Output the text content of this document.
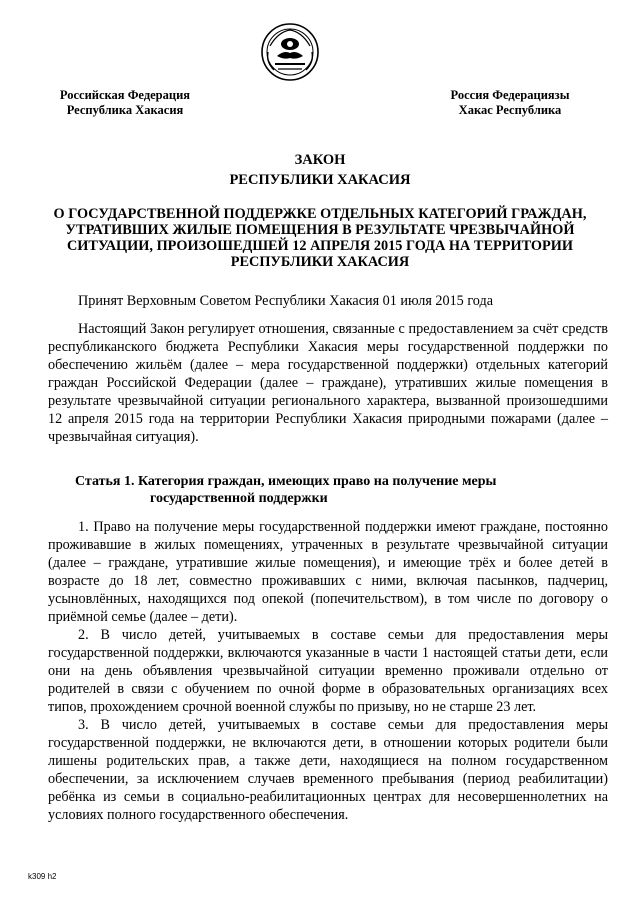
Российская Федерация
Республика Хакасия
Россия Федерациязы
Хакас Республика
ЗАКОН
РЕСПУБЛИКИ ХАКАСИЯ
О ГОСУДАРСТВЕННОЙ ПОДДЕРЖКЕ ОТДЕЛЬНЫХ КАТЕГОРИЙ ГРАЖДАН, УТРАТИВШИХ ЖИЛЫЕ ПОМЕЩЕНИЯ В РЕЗУЛЬТАТЕ ЧРЕЗВЫЧАЙНОЙ СИТУАЦИИ, ПРОИЗОШЕДШЕЙ 12 АПРЕЛЯ 2015 ГОДА НА ТЕРРИТОРИИ РЕСПУБЛИКИ ХАКАСИЯ
Принят Верховным Советом Республики Хакасия 01 июля 2015 года
Настоящий Закон регулирует отношения, связанные с предоставлением за счёт средств республиканского бюджета Республики Хакасия меры государственной поддержки по обеспечению жильём (далее – мера государственной поддержки) отдельных категорий граждан Российской Федерации (далее – граждане), утративших жилые помещения в результате чрезвычайной ситуации регионального характера, вызванной произошедшими 12 апреля 2015 года на территории Республики Хакасия природными пожарами (далее – чрезвычайная ситуация).
Статья 1. Категория граждан, имеющих право на получение меры
государственной поддержки

1. Право на получение меры государственной поддержки имеют граждане, постоянно проживавшие в жилых помещениях, утраченных в результате чрезвычайной ситуации (далее – граждане, утратившие жилые помещения), и имеющие трёх и более детей в возрасте до 18 лет, совместно проживавших с ними, включая пасынков, падчериц, усыновлённых, находящихся под опекой (попечительством), в том числе по договору о приёмной семье (далее – дети).

2. В число детей, учитываемых в составе семьи для предоставления меры государственной поддержки, включаются указанные в части 1 настоящей статьи дети, если они на день объявления чрезвычайной ситуации временно проживали отдельно от родителей в связи с обучением по очной форме в образовательных организациях всех типов, прохождением срочной военной службы по призыву, но не старше 23 лет.

3. В число детей, учитываемых в составе семьи для предоставления меры государственной поддержки, не включаются дети, в отношении которых родители были лишены родительских прав, а также дети, находящиеся на полном государственном обеспечении, за исключением случаев временного пребывания (период реабилитации) ребёнка из семьи в социально-реабилитационных центрах для несовершеннолетних на условиях полного государственного обеспечения.

k309 h2
